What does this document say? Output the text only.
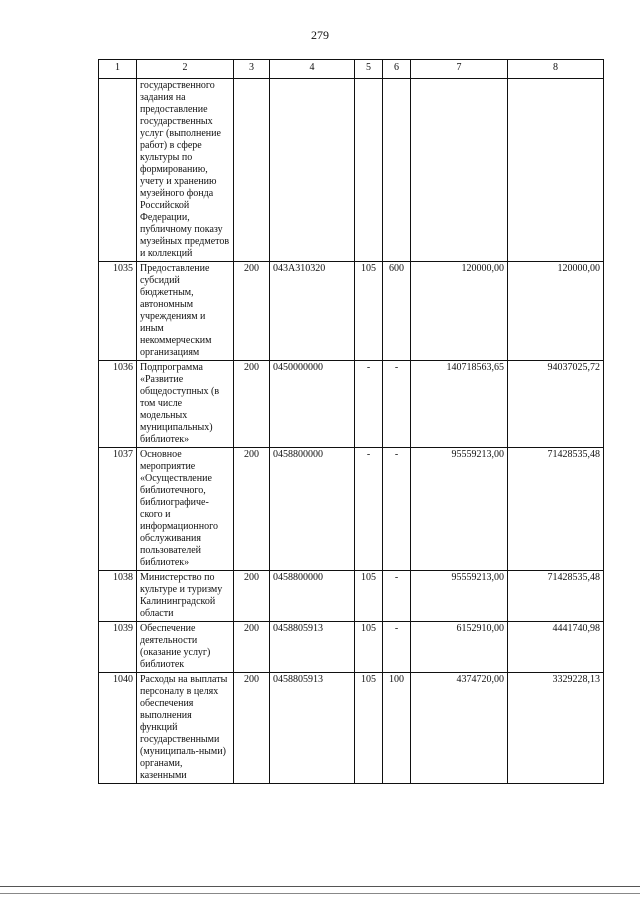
279
1	2	3	4	5	6	7	8
	государственного задания на предоставление государственных услуг (выполнение работ) в сфере культуры по формированию, учету и хранению музейного фонда Российской Федерации, публичному показу музейных предметов и коллекций						
1035	Предоставление субсидий бюджетным, автономным учреждениям и иным некоммерческим организациям	200	043А310320	105	600	120000,00	120000,00
1036	Подпрограмма «Развитие общедоступных (в том числе модельных муниципальных) библиотек»	200	0450000000	-	-	140718563,65	94037025,72
1037	Основное мероприятие «Осуществление библиотечного, библиографиче-ского и информационного обслуживания пользователей библиотек»	200	0458800000	-	-	95559213,00	71428535,48
1038	Министерство по культуре и туризму Калининградской области	200	0458800000	105	-	95559213,00	71428535,48
1039	Обеспечение деятельности (оказание услуг) библиотек	200	0458805913	105	-	6152910,00	4441740,98
1040	Расходы на выплаты персоналу в целях обеспечения выполнения функций государственными (муниципаль-ными) органами, казенными	200	0458805913	105	100	4374720,00	3329228,13
